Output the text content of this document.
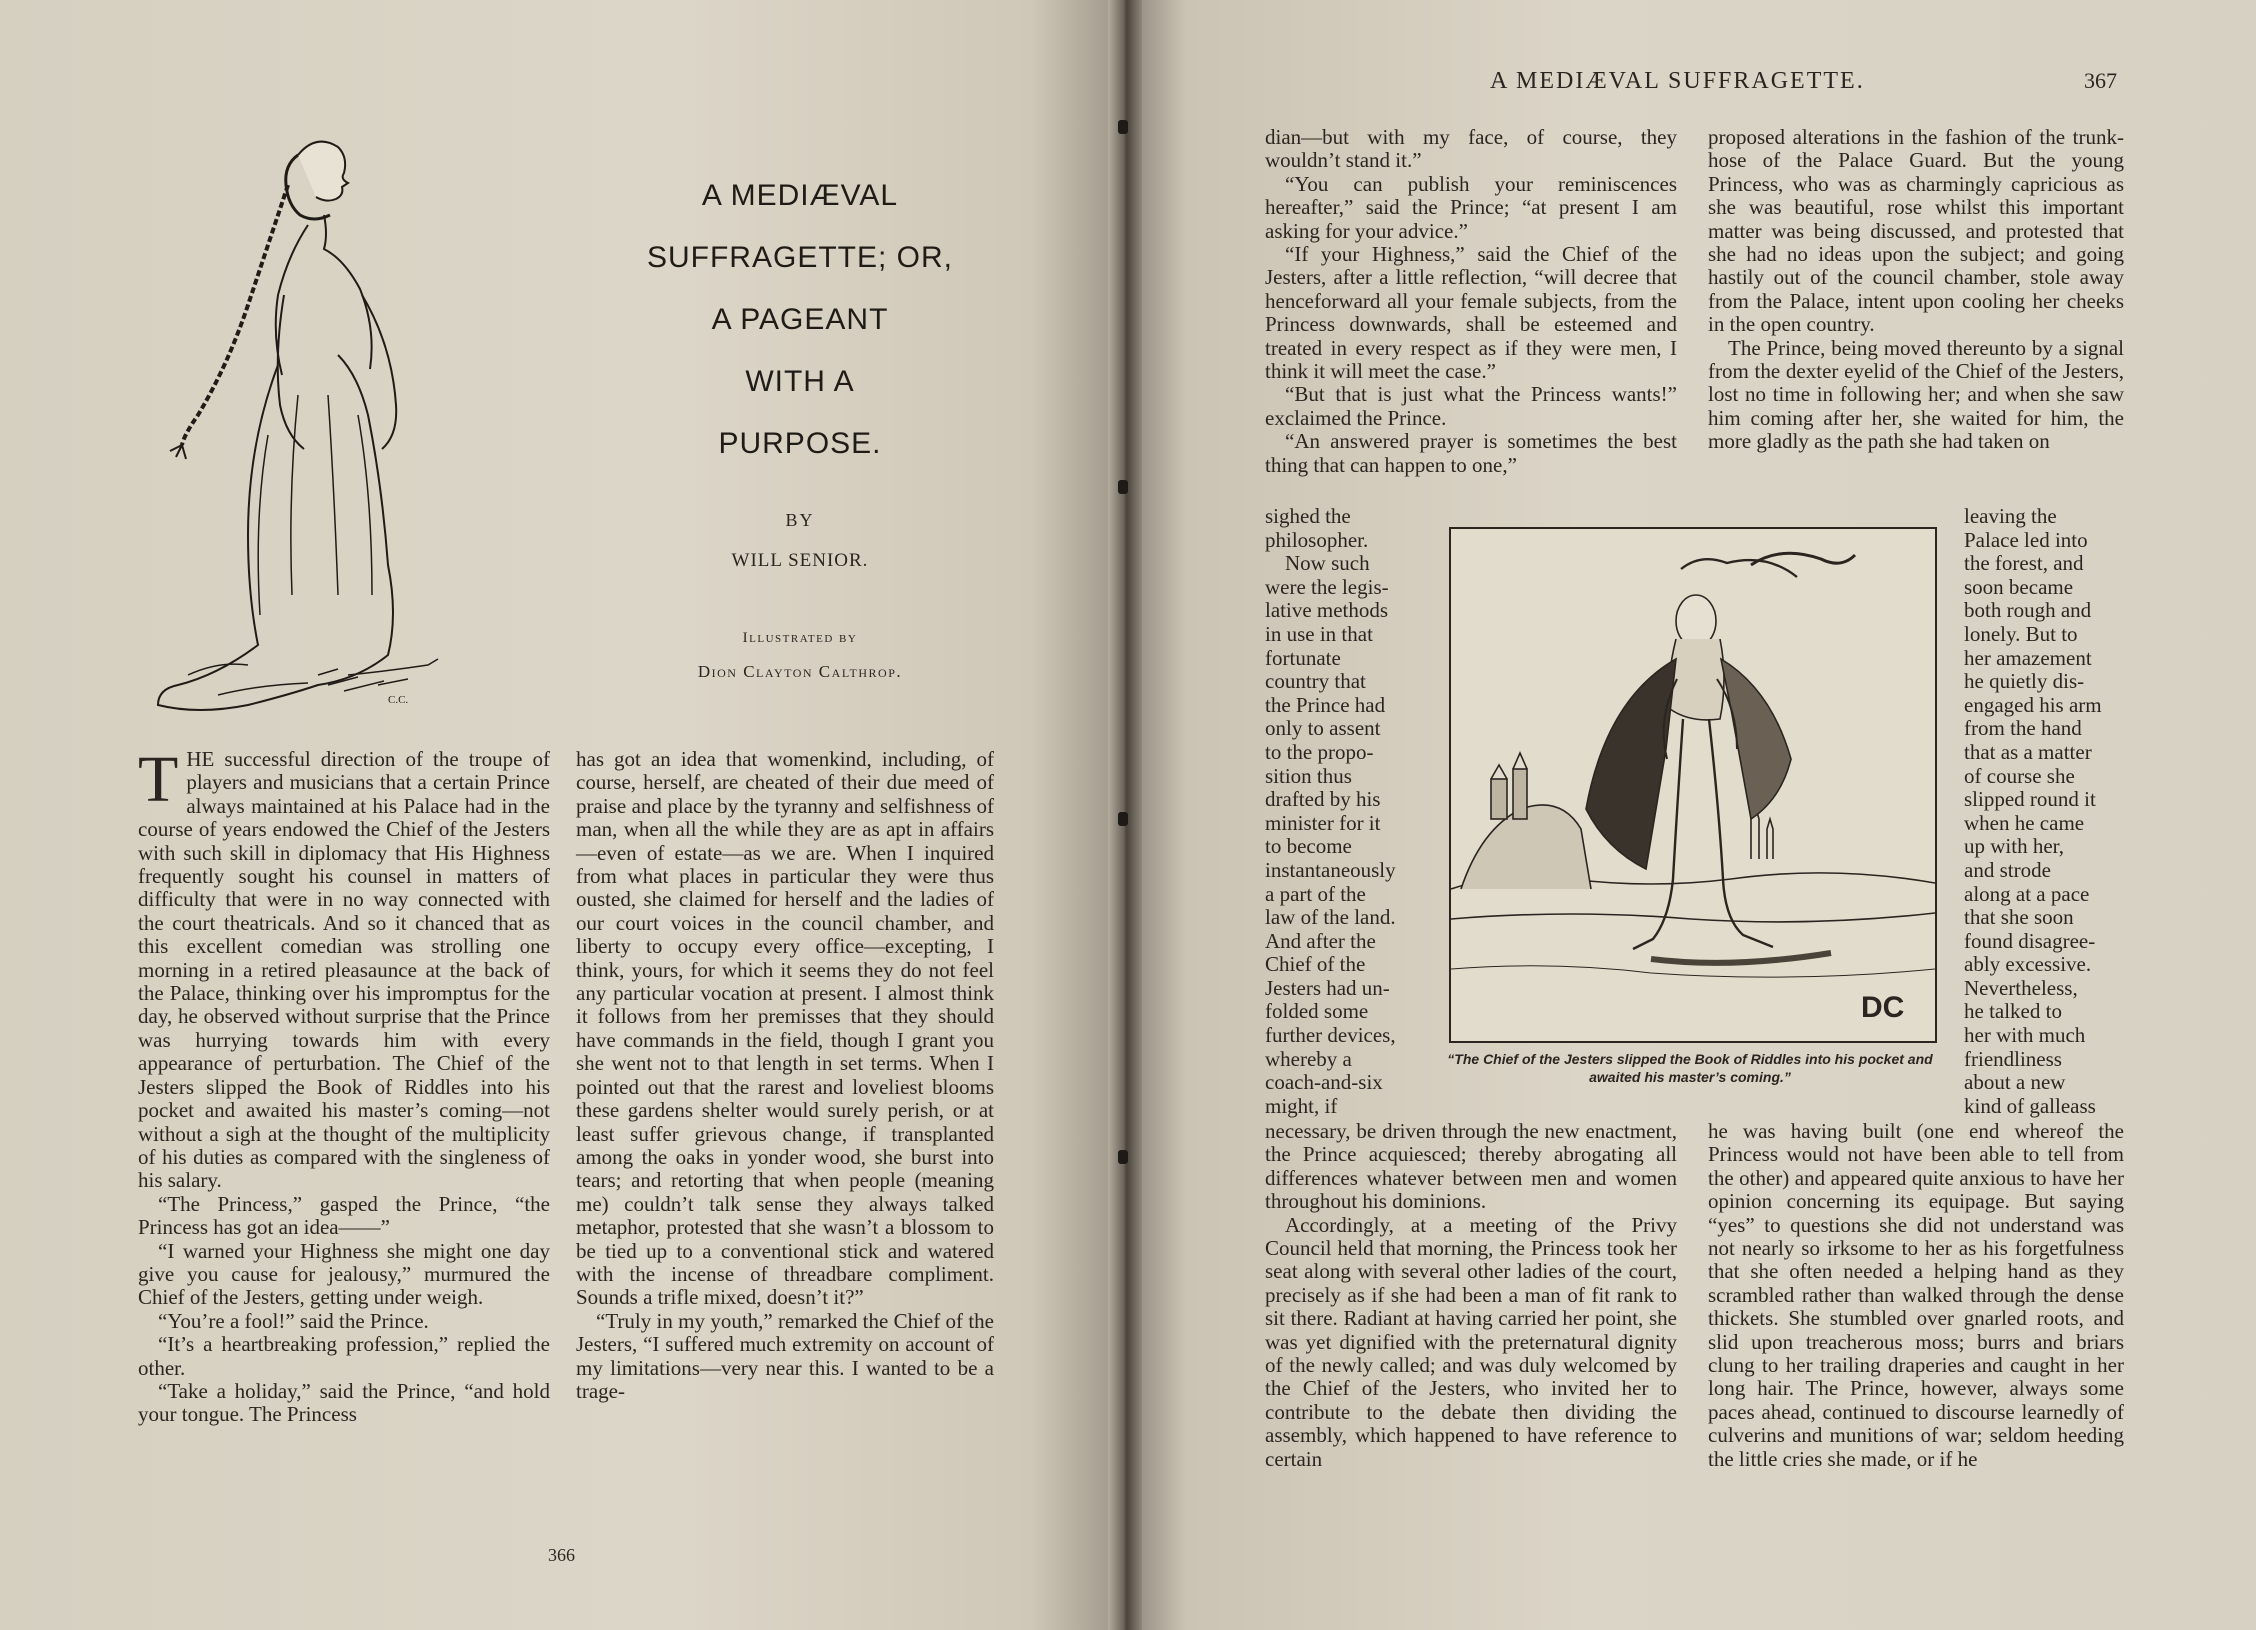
C.C.
A MEDIÆVAL
SUFFRAGETTE; OR,
A PAGEANT
WITH A
PURPOSE.
BY
WILL SENIOR.
Illustrated by
Dion Clayton Calthrop.

THE successful direction of the troupe of players and musicians that a certain Prince always maintained at his Palace had in the course of years endowed the Chief of the Jesters with such skill in diplomacy that His Highness frequently sought his counsel in matters of difficulty that were in no way connected with the court theatricals. And so it chanced that as this excellent comedian was strolling one morning in a retired pleasaunce at the back of the Palace, thinking over his impromptus for the day, he observed without surprise that the Prince was hurrying towards him with every appearance of perturbation. The Chief of the Jesters slipped the Book of Riddles into his pocket and awaited his master’s coming—not without a sigh at the thought of the multiplicity of his duties as compared with the singleness of his salary.

“The Princess,” gasped the Prince, “the Princess has got an idea——”

“I warned your Highness she might one day give you cause for jealousy,” murmured the Chief of the Jesters, getting under weigh.

“You’re a fool!” said the Prince.

“It’s a heartbreaking profession,” replied the other.

“Take a holiday,” said the Prince, “and hold your tongue. The Princess

has got an idea that womenkind, including, of course, herself, are cheated of their due meed of praise and place by the tyranny and selfishness of man, when all the while they are as apt in affairs—even of estate—as we are. When I inquired from what places in particular they were thus ousted, she claimed for herself and the ladies of our court voices in the council chamber, and liberty to occupy every office—excepting, I think, yours, for which it seems they do not feel any particular vocation at present. I almost think it follows from her premisses that they should have commands in the field, though I grant you she went not to that length in set terms. When I pointed out that the rarest and loveliest blooms these gardens shelter would surely perish, or at least suffer grievous change, if transplanted among the oaks in yonder wood, she burst into tears; and retorting that when people (meaning me) couldn’t talk sense they always talked metaphor, protested that she wasn’t a blossom to be tied up to a conventional stick and watered with the incense of threadbare compliment. Sounds a trifle mixed, doesn’t it?”

“Truly in my youth,” remarked the Chief of the Jesters, “I suffered much extremity on account of my limitations—very near this. I wanted to be a trage-

366
A MEDIÆVAL SUFFRAGETTE.	367

dian—but with my face, of course, they wouldn’t stand it.”

“You can publish your reminiscences hereafter,” said the Prince; “at present I am asking for your advice.”

“If your Highness,” said the Chief of the Jesters, after a little reflection, “will decree that henceforward all your female subjects, from the Princess downwards, shall be esteemed and treated in every respect as if they were men, I think it will meet the case.”

“But that is just what the Princess wants!” exclaimed the Prince.

“An answered prayer is sometimes the best thing that can happen to one,”

sighed the
philosopher.
Now such
were the legis-
lative methods
in use in that
fortunate
country that
the Prince had
only to assent
to the propo-
sition thus
drafted by his
minister for it
to become
instantaneously
a part of the
law of the land.
And after the
Chief of the
Jesters had un-
folded some
further devices,
whereby a
coach-and-six
might, if

necessary, be driven through the new enactment, the Prince acquiesced; thereby abrogating all differences whatever between men and women throughout his dominions.

Accordingly, at a meeting of the Privy Council held that morning, the Princess took her seat along with several other ladies of the court, precisely as if she had been a man of fit rank to sit there. Radiant at having carried her point, she was yet dignified with the preternatural dignity of the newly called; and was duly welcomed by the Chief of the Jesters, who invited her to contribute to the debate then dividing the assembly, which happened to have reference to certain

proposed alterations in the fashion of the trunk-hose of the Palace Guard. But the young Princess, who was as charmingly capricious as she was beautiful, rose whilst this important matter was being discussed, and protested that she had no ideas upon the subject; and going hastily out of the council chamber, stole away from the Palace, intent upon cooling her cheeks in the open country.

The Prince, being moved thereunto by a signal from the dexter eyelid of the Chief of the Jesters, lost no time in following her; and when she saw him coming after her, she waited for him, the more gladly as the path she had taken on

leaving the
Palace led into
the forest, and
soon became
both rough and
lonely. But to
her amazement
he quietly dis-
engaged his arm
from the hand
that as a matter
of course she
slipped round it
when he came
up with her,
and strode
along at a pace
that she soon
found disagree-
ably excessive.
Nevertheless,
he talked to
her with much
friendliness
about a new
kind of galleass

he was having built (one end whereof the Princess would not have been able to tell from the other) and appeared quite anxious to have her opinion concerning its equipage. But saying “yes” to questions she did not understand was not nearly so irksome to her as his forgetfulness that she often needed a helping hand as they scrambled rather than walked through the dense thickets. She stumbled over gnarled roots, and slid upon treacherous moss; burrs and briars clung to her trailing draperies and caught in her long hair. The Prince, however, always some paces ahead, continued to discourse learnedly of culverins and munitions of war; seldom heeding the little cries she made, or if he

DC
“The Chief of the Jesters slipped the Book of Riddles into his pocket and awaited his master’s coming.”
